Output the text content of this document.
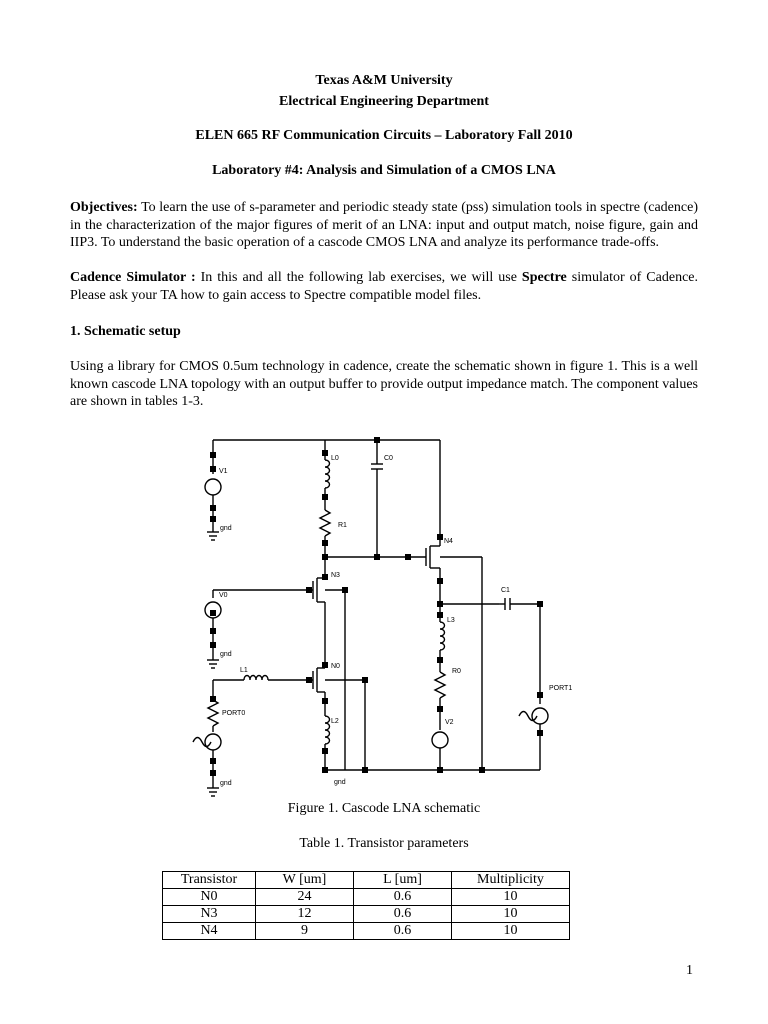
Texas A&M University
Electrical Engineering Department
ELEN 665 RF Communication Circuits – Laboratory Fall 2010
Laboratory #4: Analysis and Simulation of a CMOS LNA
Objectives: To learn the use of s-parameter and periodic steady state (pss) simulation tools in spectre (cadence) in the characterization of the major figures of merit of an LNA: input and output match, noise figure, gain and IIP3. To understand the basic operation of a cascode CMOS LNA and analyze its performance trade-offs.
Cadence Simulator : In this and all the following lab exercises, we will use Spectre simulator of Cadence. Please ask your TA how to gain access to Spectre compatible model files.
1. Schematic setup
Using a library for CMOS 0.5um technology in cadence, create the schematic shown in figure 1. This is a well known cascode LNA topology with an output buffer to provide output impedance match. The component values are shown in tables 1-3.
V1
gnd
L0	C0
R1
N4
N3
V0
gnd
C1
L1
N0
L3
R0
PORT1
PORT0
V2
L2
gnd
gnd
Figure 1. Cascode LNA schematic
Table 1. Transistor parameters
Transistor	W [um]	L [um]	Multiplicity
N0	24	0.6	10
N3	12	0.6	10
N4	9	0.6	10
1
